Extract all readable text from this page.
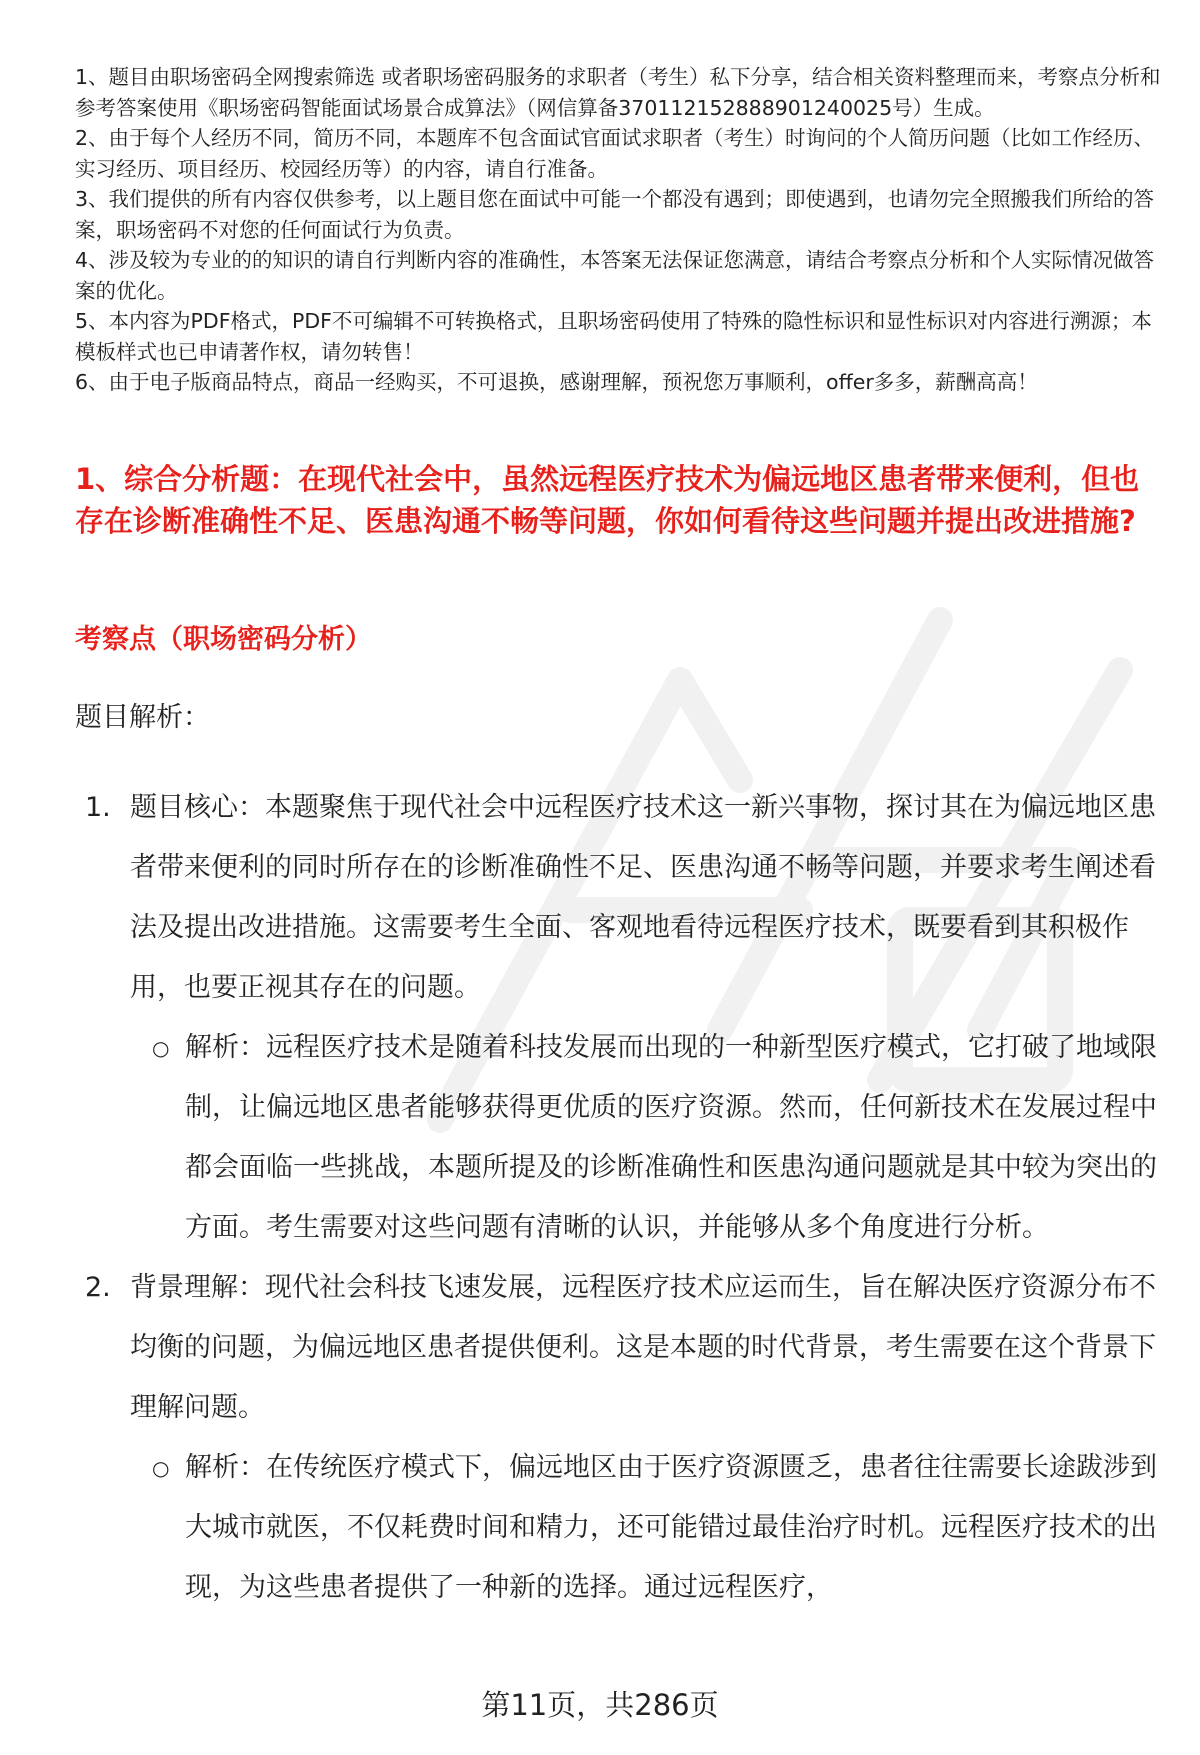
1、题目由职场密码全网搜索筛选 或者职场密码服务的求职者（考生）私下分享，结合相关资料整理而来，考察点分析和参考答案使用《职场密码智能面试场景合成算法》（网信算备370112152888901240025号）生成。

2、由于每个人经历不同，简历不同，本题库不包含面试官面试求职者（考生）时询问的个人简历问题（比如工作经历、实习经历、项目经历、校园经历等）的内容，请自行准备。

3、我们提供的所有内容仅供参考，以上题目您在面试中可能一个都没有遇到；即使遇到，也请勿完全照搬我们所给的答案，职场密码不对您的任何面试行为负责。

4、涉及较为专业的的知识的请自行判断内容的准确性，本答案无法保证您满意，请结合考察点分析和个人实际情况做答案的优化。

5、本内容为PDF格式，PDF不可编辑不可转换格式，且职场密码使用了特殊的隐性标识和显性标识对内容进行溯源；本模板样式也已申请著作权，请勿转售！

6、由于电子版商品特点，商品一经购买，不可退换，感谢理解，预祝您万事顺利，offer多多，薪酬高高！

1、综合分析题：在现代社会中，虽然远程医疗技术为偏远地区患者带来便利，但也存在诊断准确性不足、医患沟通不畅等问题，你如何看待这些问题并提出改进措施?
考察点（职场密码分析）

题目解析：

1. 题目核心：本题聚焦于现代社会中远程医疗技术这一新兴事物，探讨其在为偏远地区患者带来便利的同时所存在的诊断准确性不足、医患沟通不畅等问题，并要求考生阐述看法及提出改进措施。这需要考生全面、客观地看待远程医疗技术，既要看到其积极作用，也要正视其存在的问题。

○ 解析：远程医疗技术是随着科技发展而出现的一种新型医疗模式，它打破了地域限制，让偏远地区患者能够获得更优质的医疗资源。然而，任何新技术在发展过程中都会面临一些挑战，本题所提及的诊断准确性和医患沟通问题就是其中较为突出的方面。考生需要对这些问题有清晰的认识，并能够从多个角度进行分析。

2. 背景理解：现代社会科技飞速发展，远程医疗技术应运而生，旨在解决医疗资源分布不均衡的问题，为偏远地区患者提供便利。这是本题的时代背景，考生需要在这个背景下理解问题。

○ 解析：在传统医疗模式下，偏远地区由于医疗资源匮乏，患者往往需要长途跋涉到大城市就医，不仅耗费时间和精力，还可能错过最佳治疗时机。远程医疗技术的出现，为这些患者提供了一种新的选择。通过远程医疗，

第11页，共286页
